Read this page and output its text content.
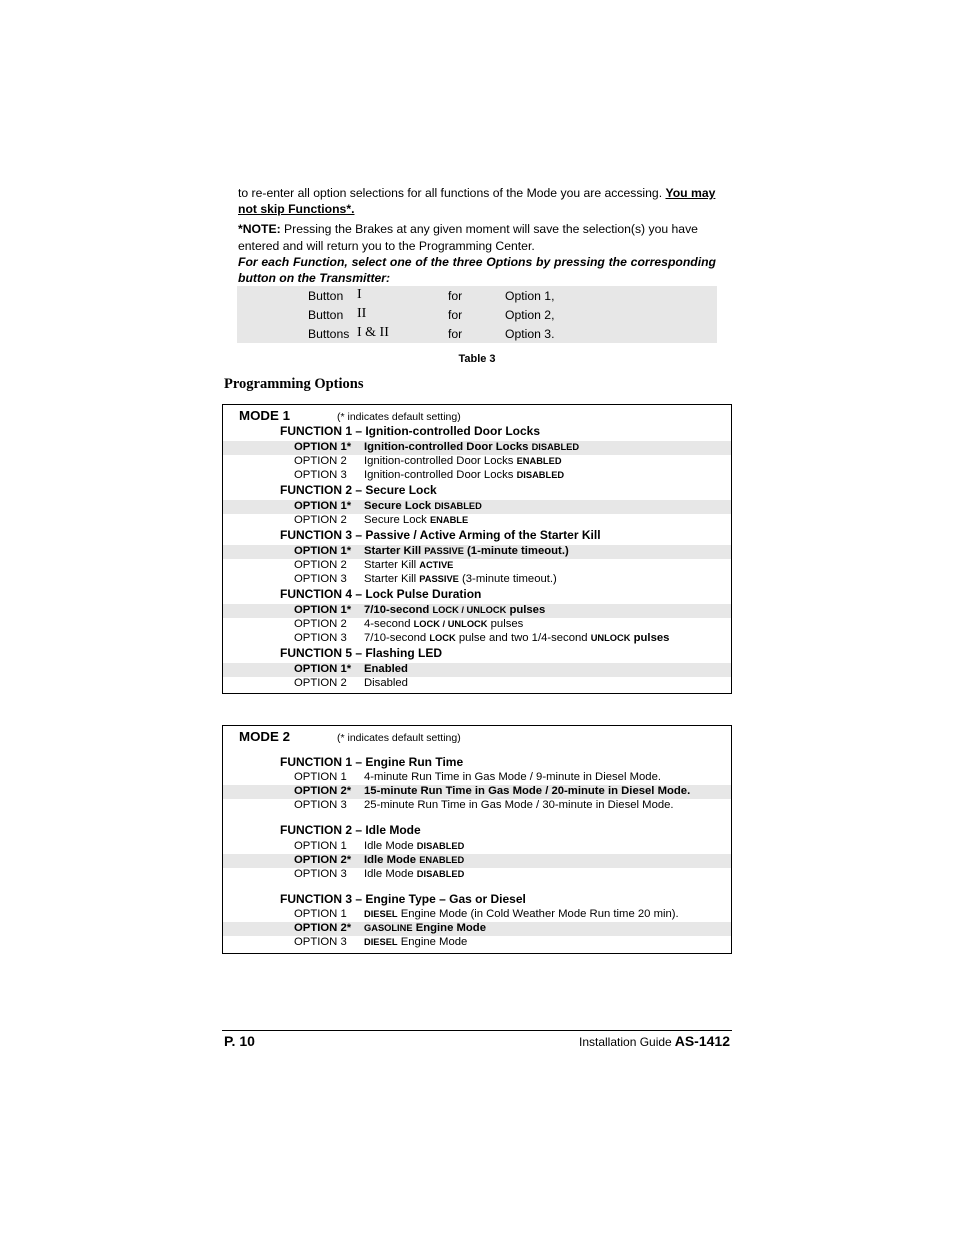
to re-enter all option selections for all functions of the Mode you are accessing. You may not skip Functions*.

*NOTE: Pressing the Brakes at any given moment will save the selection(s) you have entered and will return you to the Programming Center.

For each Function, select one of the three Options by pressing the corresponding button on the Transmitter:

Button I	for	Option 1,
Button II	for	Option 2,
Buttons I & II	for	Option 3.
Table 3
Programming Options
MODE 1	(* indicates default setting)
FUNCTION 1 – Ignition-controlled Door Locks
OPTION 1* Ignition-controlled Door Locks DISABLED
OPTION 2 Ignition-controlled Door Locks ENABLED
OPTION 3 Ignition-controlled Door Locks DISABLED
FUNCTION 2 – Secure Lock
OPTION 1* Secure Lock DISABLED
OPTION 2 Secure Lock ENABLE
FUNCTION 3 – Passive / Active Arming of the Starter Kill
OPTION 1* Starter Kill PASSIVE (1-minute timeout.)
OPTION 2 Starter Kill ACTIVE
OPTION 3 Starter Kill PASSIVE (3-minute timeout.)
FUNCTION 4 – Lock Pulse Duration
OPTION 1* 7/10-second LOCK / UNLOCK pulses
OPTION 2 4-second LOCK / UNLOCK pulses
OPTION 3 7/10-second LOCK pulse and two 1/4-second UNLOCK pulses
FUNCTION 5 – Flashing LED
OPTION 1* Enabled
OPTION 2 Disabled
MODE 2	(* indicates default setting)
FUNCTION 1 – Engine Run Time
OPTION 1 4-minute Run Time in Gas Mode / 9-minute in Diesel Mode.
OPTION 2* 15-minute Run Time in Gas Mode / 20-minute in Diesel Mode.
OPTION 3 25-minute Run Time in Gas Mode / 30-minute in Diesel Mode.
FUNCTION 2 – Idle Mode
OPTION 1 Idle Mode DISABLED
OPTION 2* Idle Mode ENABLED
OPTION 3 Idle Mode DISABLED
FUNCTION 3 – Engine Type – Gas or Diesel
OPTION 1 DIESEL Engine Mode (in Cold Weather Mode Run time 20 min).
OPTION 2* GASOLINE Engine Mode
OPTION 3 DIESEL Engine Mode
P. 10	Installation Guide AS-1412
